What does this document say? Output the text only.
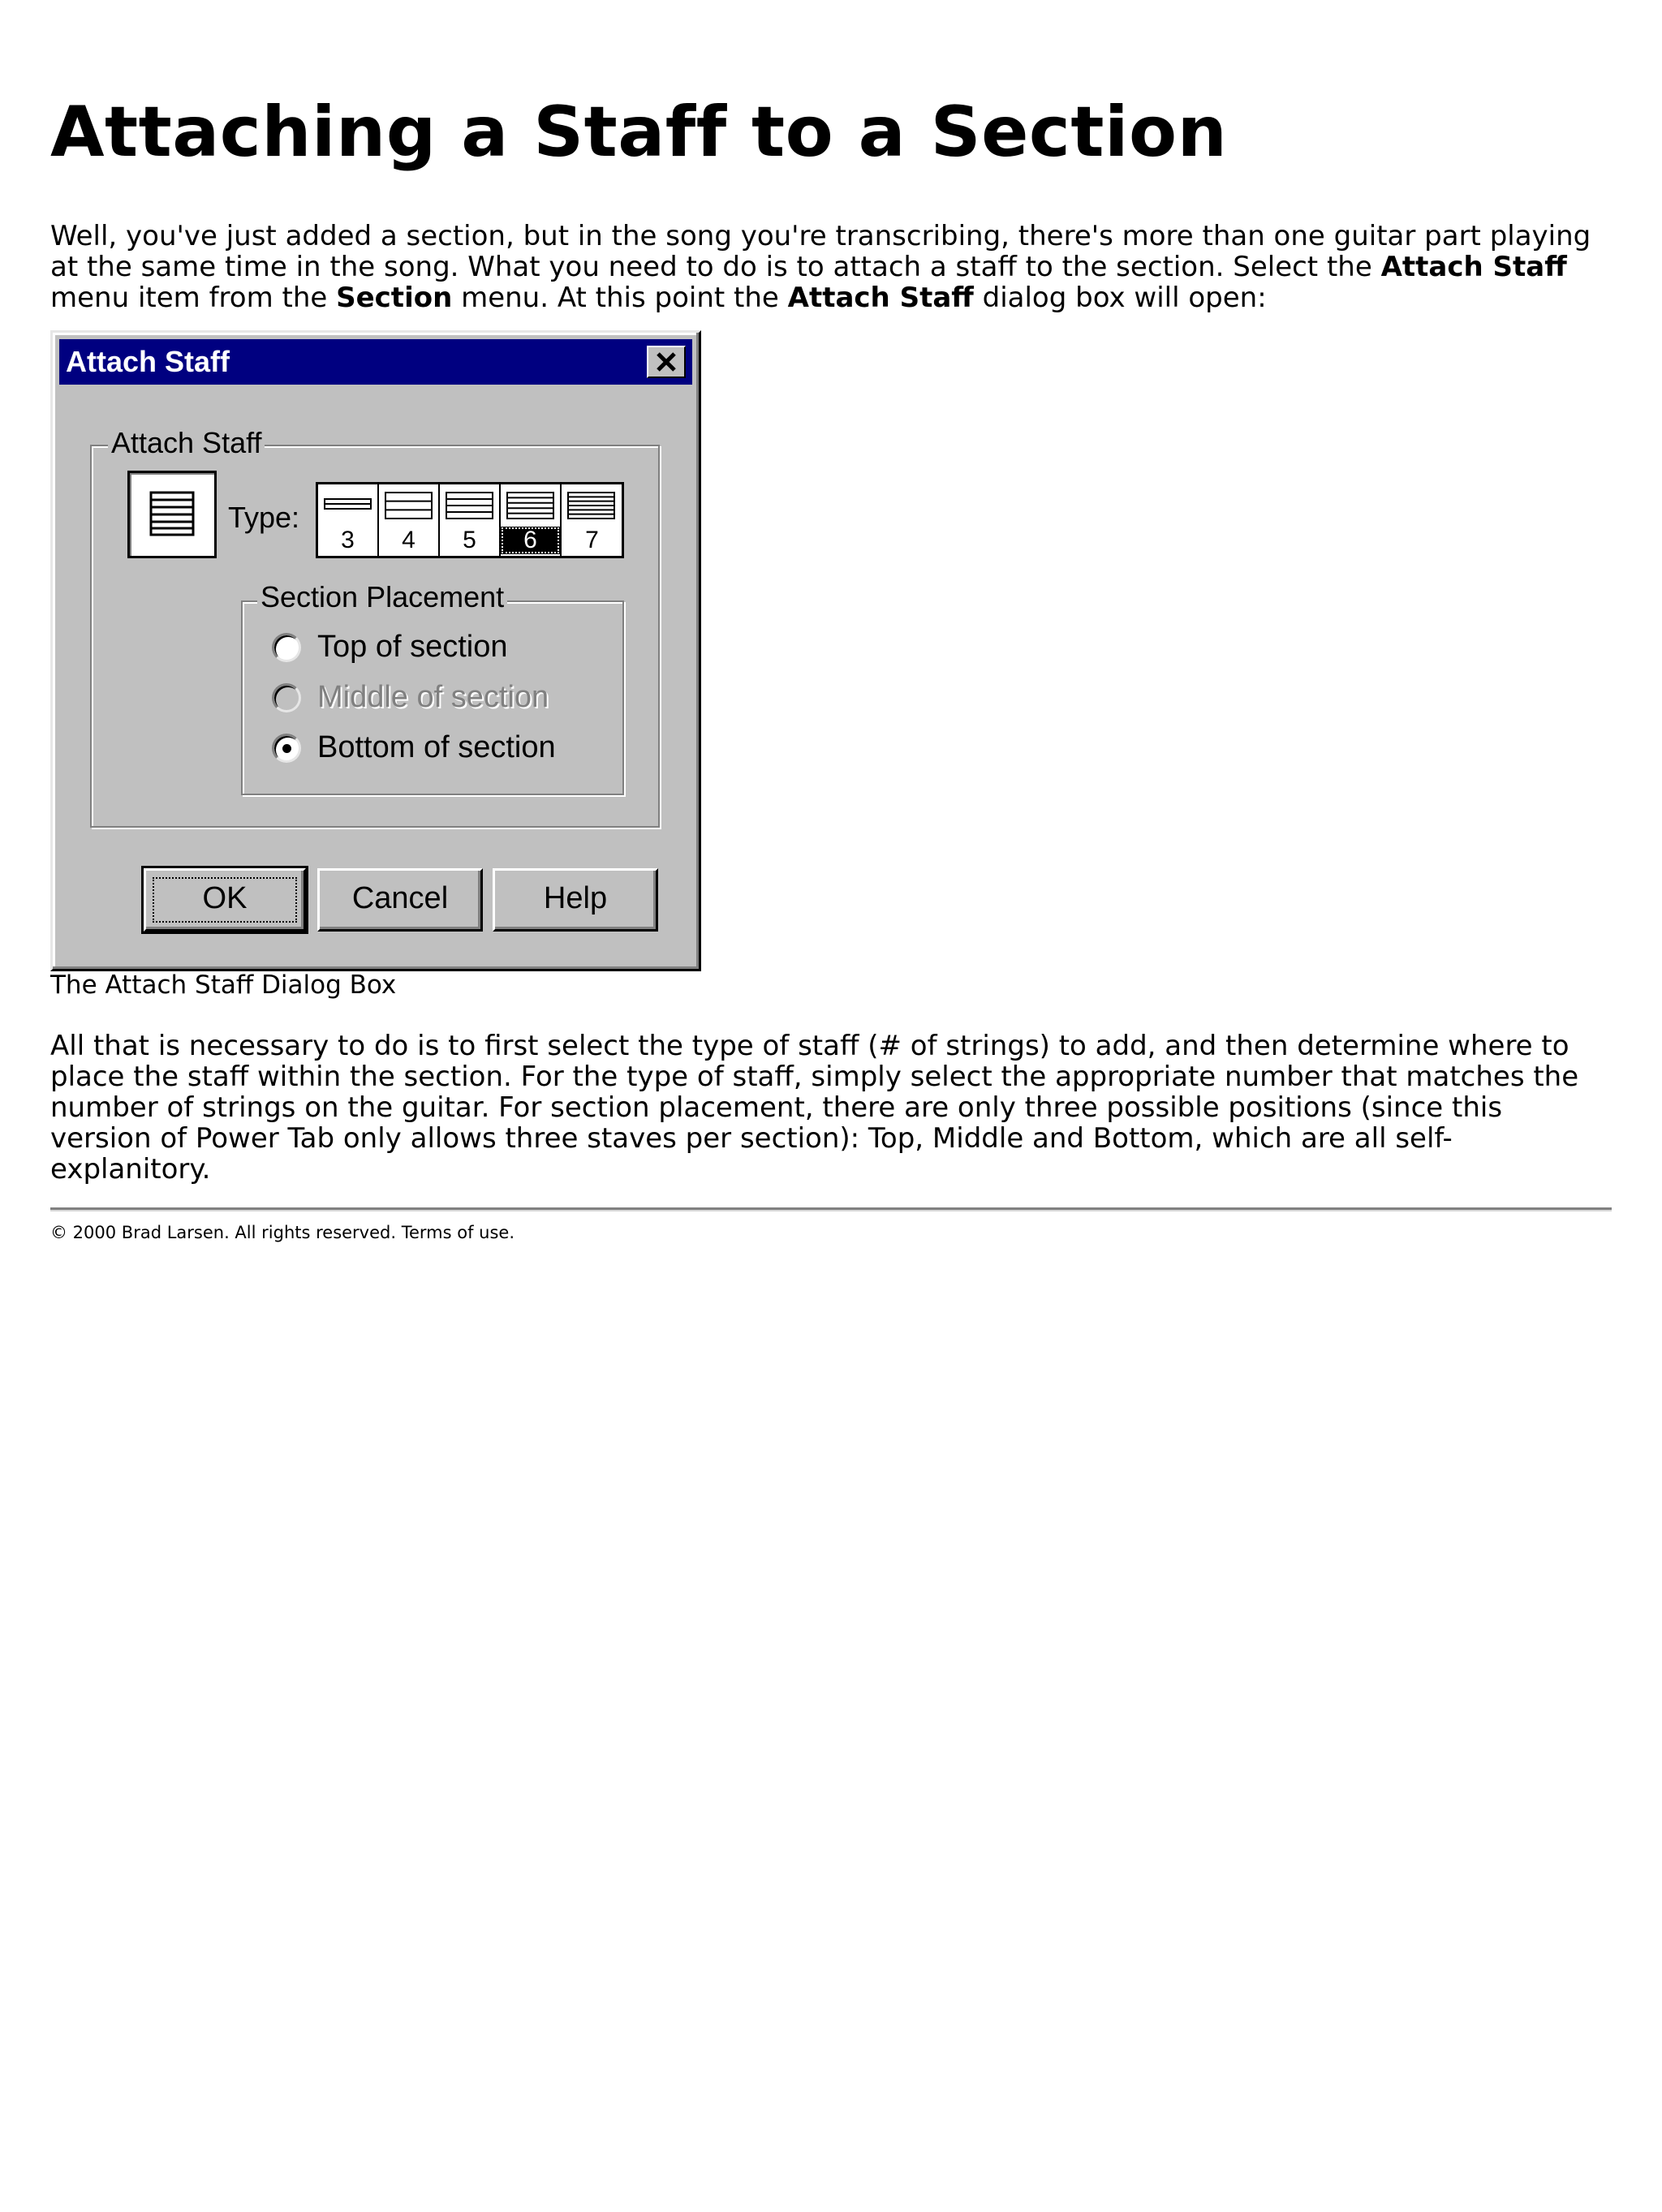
Attaching a Staff to a Section

Well, you've just added a section, but in the song you're transcribing, there's more than one guitar part playing at the same time in the song. What you need to do is to attach a staff to the section. Select the Attach Staff menu item from the Section menu. At this point the Attach Staff dialog box will open:

Attach Staff
Attach Staff
Type:
3	4	5	6	7
Section Placement
OK	Cancel	Help
Top of section
Middle of section
Bottom of section
The Attach Staff Dialog Box

All that is necessary to do is to first select the type of staff (# of strings) to add, and then determine where to place the staff within the section. For the type of staff, simply select the appropriate number that matches the number of strings on the guitar. For section placement, there are only three possible positions (since this version of Power Tab only allows three staves per section): Top, Middle and Bottom, which are all self-explanitory.

© 2000 Brad Larsen. All rights reserved. Terms of use.
